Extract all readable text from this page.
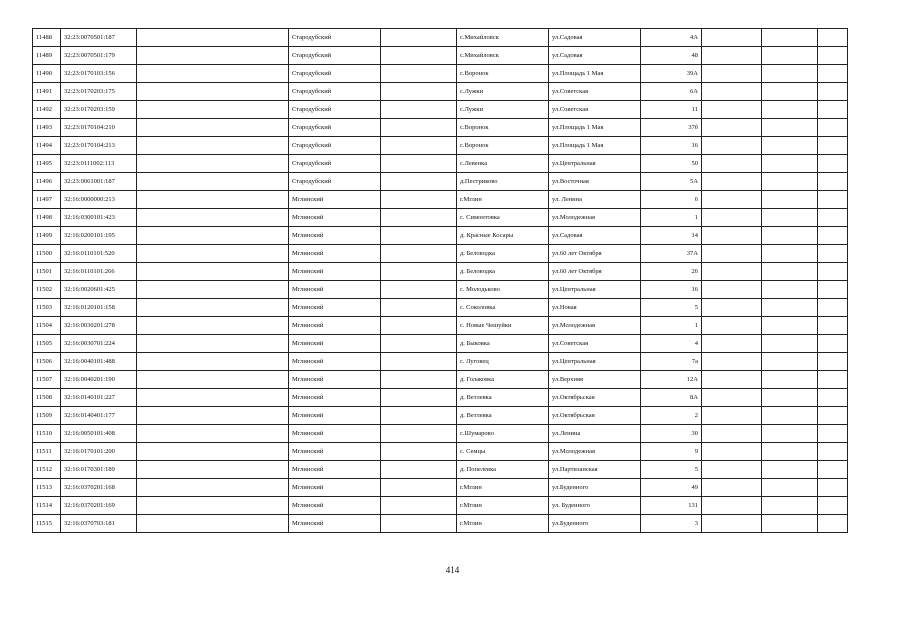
11488	32:23:0070501:187		Стародубский		с.Михайловск	ул.Садовая	4А			
11489	32:23:0070501:179		Стародубский		с.Михайловск	ул.Садовая	48			
11490	32:23:0170103:156		Стародубский		с.Воронок	ул.Площадь 1 Мая	39А			
11491	32:23:0170203:175		Стародубский		с.Лужки	ул.Советская	6А			
11492	32:23:0170203:159		Стародубский		с.Лужки	ул.Советская	11			
11493	32:23:0170104:210		Стародубский		с.Воронок	ул.Площадь 1 Мая	37б			
11494	32:23:0170104:213		Стародубский		с.Воронок	ул.Площадь 1 Мая	16			
11495	32:23:0111002:113		Стародубский		с.Левенка	ул.Центральная	50			
11496	32:23:0061001:187		Стародубский		д.Пестриково	ул.Восточная	5А			
11497	32:16:0000000:213		Мглинский		г.Мглин	ул. Ленина	6			
11498	32:16:0300101:423		Мглинский		с. Симонтовка	ул.Молодежная	1			
11499	32:16:0200101:195		Мглинский		д. Красные Косары	ул.Садовая	14			
11500	32:16:0110101:520		Мглинский		д. Беловодка	ул.60 лет Октября	37А			
11501	32:16:0110101:266		Мглинский		д. Беловодка	ул.60 лет Октября	26			
11502	32:16:0020601:425		Мглинский		с. Молодьково	ул.Центральная	16			
11503	32:16:0120101:158		Мглинский		с. Соколовка	ул.Новая	5			
11504	32:16:0030201:278		Мглинский		с. Новые Чешуйки	ул.Молодежная	1			
11505	32:16:0030701:224		Мглинский		д. Быковка	ул.Советская	4			
11506	32:16:0040101:488		Мглинский		с. Луговец	ул.Центральная	7а			
11507	32:16:0040201:190		Мглинский		д. Голаковка	ул.Верхняя	12А			
11508	32:16:0140101:227		Мглинский		д. Ветлевка	ул.Октябрьская	8А			
11509	32:16:0140401:177		Мглинский		д. Ветлевка	ул.Октябрьская	2			
11510	32:16:0050101:408		Мглинский		с.Шумарово	ул.Ленина	30			
11511	32:16:0170101:200		Мглинский		с. Семцы	ул.Молодежная	9			
11512	32:16:0170301:189		Мглинский		д. Попелевка	ул.Партизанская	5			
11513	32:16:0370201:168		Мглинский		г.Мглин	ул.Буденного	49			
11514	32:16:0370201:169		Мглинский		г.Мглин	ул. Буденного	131			
11515	32:16:0370703:181		Мглинский		г.Мглин	ул.Буденного	3			
414
